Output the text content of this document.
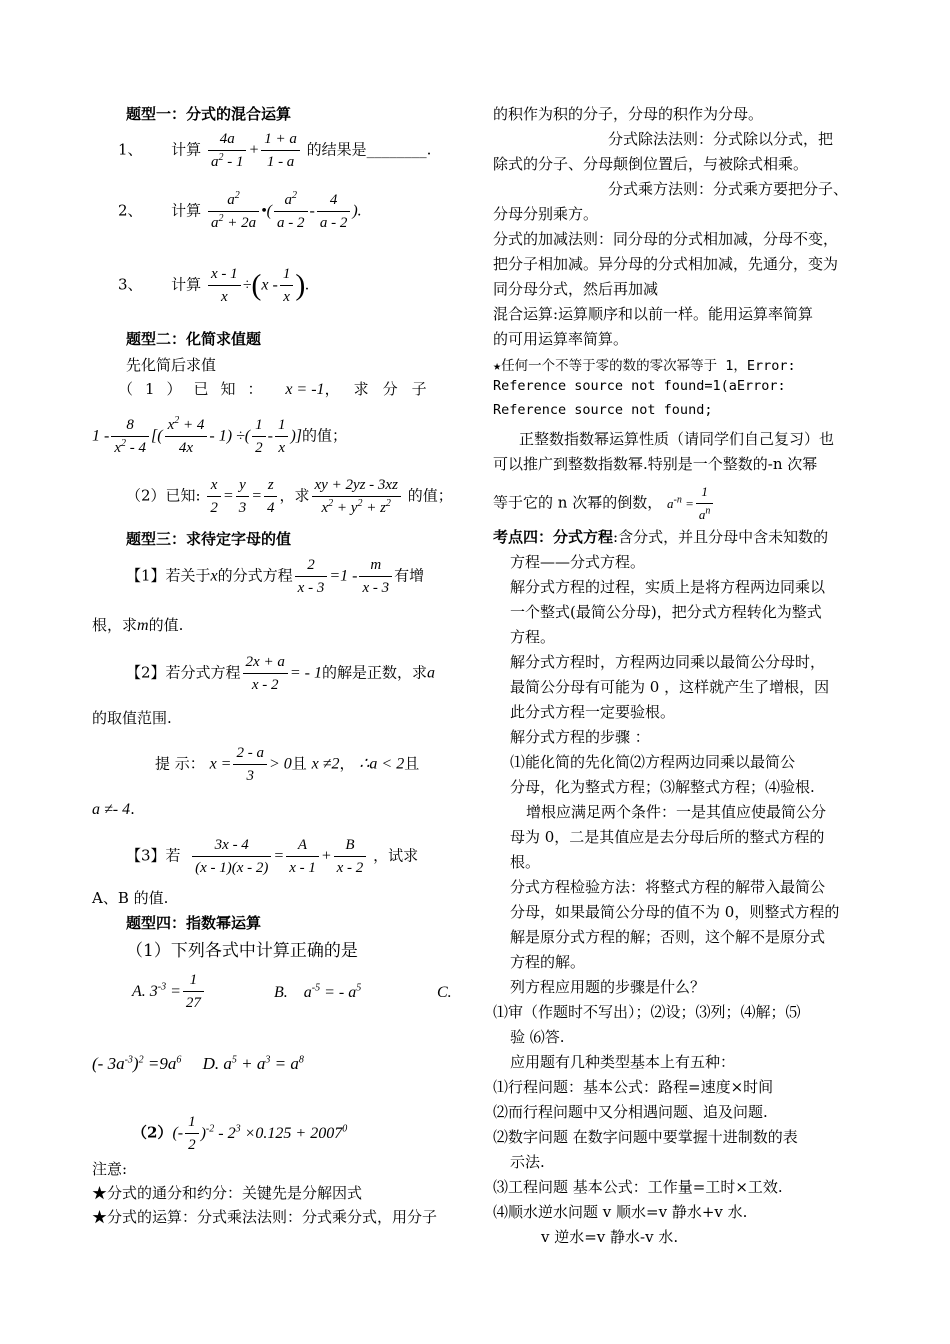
题型一：分式的混合运算
1、 计算 $\frac{4a}{a^2 - 1} + \frac{1 + a}{1 - a}$ 的结果是________.
2、 计算 $\frac{a^2}{a^2 + 2a}$ •( $\frac{a^2}{a - 2} - \frac{4}{a - 2}$ ).
3、 计算 $\frac{x - 1}{x} \div(x - \frac{1}{x}$ ).
题型二：化简求值题
先化简后求值
（1）已知： x = -1，求分子
$1 - \frac{8}{x^2 - 4}$ [( $\frac{x^2 + 4}{4x} - 1$) ÷( $\frac{1}{2} - \frac{1}{x}$ )]的值；
（2）已知: $\frac{x}{2} = \frac{y}{3} = \frac{z}{4}$ ，求 $\frac{xy + 2yz - 3xz}{x^2 + y^2 + z^2}$ 的值；
题型三：求待定字母的值
【1】若关于x的分式方程 $\frac{2}{x - 3} =1 - \frac{m}{x - 3}$ 有增
根，求m的值.
【2】若分式方程 $\frac{2x + a}{x - 2}$ = - 1的解是正数，求a
的取值范围.
提 示： $x = \frac{2 - a}{3} > 0$且 x ≠2， ∴a < 2且
a ≠- 4.
【3】若 $\frac{3x - 4}{(x - 1)(x - 2)} = \frac{A}{x - 1} + \frac{B}{x - 2}$ ，试求
A、B 的值.
题型四：指数幂运算
（1）下列各式中计算正确的是
A. $3^{-3} = \frac{1}{27}$	B.    $a^{-5}$ = - $a^5$	C.
(- $3a^{-3})^2 =9a^6$     D. $a^5 + a^3 = a^8$
$(2)(- \frac{1}{2} )^{-2} - 2^3 \times 0.125 + 2007^0$
注意:
★分式的通分和约分：关键先是分解因式
★分式的运算：分式乘法法则：分式乘分式，用分子
的积作为积的分子，分母的积作为分母。
分式除法法则：分式除以分式，把
除式的分子、分母颠倒位置后，与被除式相乘。
分式乘方法则：分式乘方要把分子、
分母分别乘方。
分式的加减法则：同分母的分式相加减，分母不变，
把分子相加减。异分母的分式相加减，先通分，变为
同分母分式，然后再加减
混合运算:运算顺序和以前一样。能用运算率简算
的可用运算率简算。
★任何一个不等于零的数的零次幂等于 1，Error:
Reference source not found=1(aError:
Reference source not found;
正整数指数幂运算性质（请同学们自己复习）也
可以推广到整数指数幂.特别是一个整数的-n 次幂
等于它的 n 次幂的倒数， $a^{-n} = \frac{1}{a^n}$
考点四：分式方程:含分式，并且分母中含未知数的
方程——分式方程。
解分式方程的过程，实质上是将方程两边同乘以
一个整式(最简公分母)，把分式方程转化为整式
方程。
解分式方程时，方程两边同乘以最简公分母时，
最简公分母有可能为 0 ，这样就产生了增根，因
此分式方程一定要验根。
解分式方程的步骤 ：
⑴能化简的先化简⑵方程两边同乘以最简公
分母，化为整式方程；⑶解整式方程；⑷验根.
增根应满足两个条件：一是其值应使最简公分
母为 0，二是其值应是去分母后所的整式方程的
根。
分式方程检验方法：将整式方程的解带入最简公
分母，如果最简公分母的值不为 0，则整式方程的
解是原分式方程的解；否则，这个解不是原分式
方程的解。
列方程应用题的步骤是什么？
⑴审（作题时不写出）；⑵设；⑶列；⑷解；⑸
验 ⑹答.
应用题有几种类型基本上有五种：
⑴行程问题：基本公式：路程=速度×时间
⑵而行程问题中又分相遇问题、追及问题.
⑵数字问题 在数字问题中要掌握十进制数的表
示法.
⑶工程问题 基本公式：工作量=工时×工效.
⑷顺水逆水问题 v 顺水=v 静水+v 水.
v 逆水=v 静水-v 水.
